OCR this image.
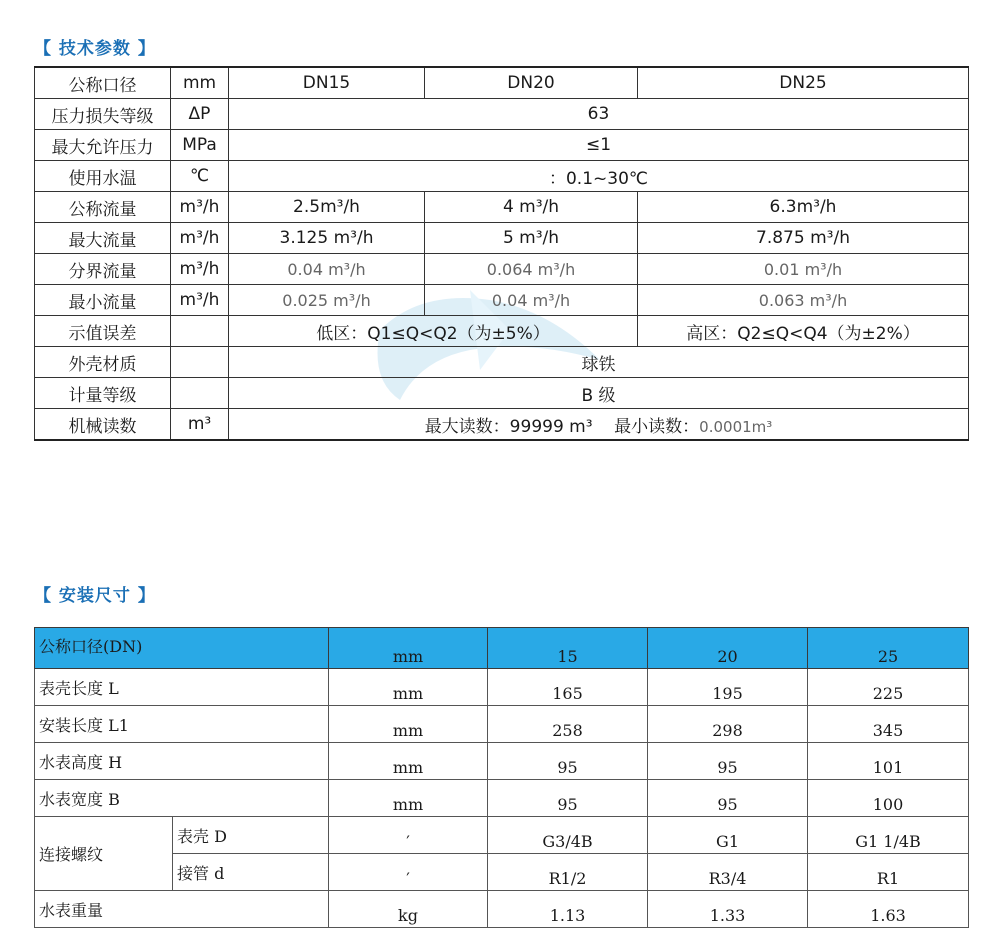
【 技术参数 】
公称口径	mm	DN15	DN20	DN25
压力损失等级	ΔP	63		
最大允许压力	MPa	≤1		
使用水温	℃	：0.1~30℃		
公称流量	m³/h	2.5m³/h	4 m³/h	6.3m³/h
最大流量	m³/h	3.125 m³/h	5 m³/h	7.875 m³/h
分界流量	m³/h	0.04 m³/h	0.064 m³/h	0.01 m³/h
最小流量	m³/h	0.025 m³/h	0.04 m³/h	0.063 m³/h
示值误差		低区：Q1≤Q<Q2（为±5%）		高区：Q2≤Q<Q4（为±2%）
外壳材质		球铁		
计量等级		B 级		
机械读数	m³	最大读数：99999 m³ 最小读数：0.0001m³		
【 安装尺寸 】
公称口径(DN)		mm	15	20	25
表壳长度 L		mm	165	195	225
安装长度 L1		mm	258	298	345
水表高度 H		mm	95	95	101
水表宽度 B		mm	95	95	100
连接螺纹	表壳 D	′	G3/4B	G1	G1 1/4B
	接管 d	′	R1/2	R3/4	R1
水表重量		kg	1.13	1.33	1.63
